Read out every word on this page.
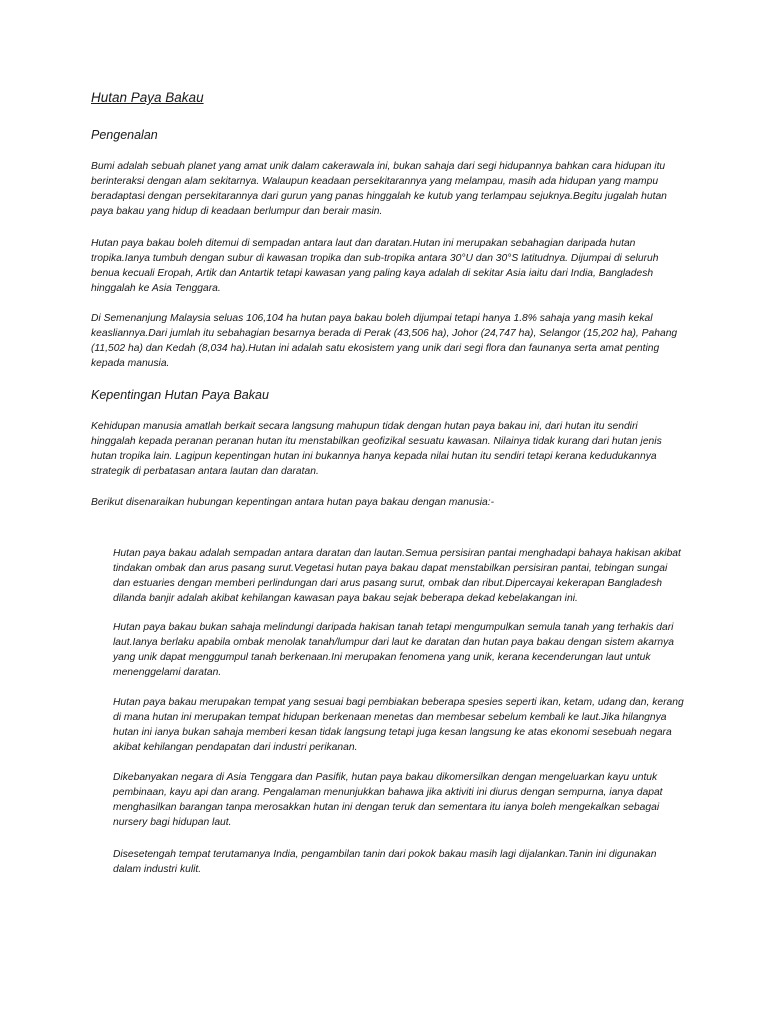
Hutan Paya Bakau
Pengenalan

Bumi adalah sebuah planet yang amat unik dalam cakerawala ini, bukan sahaja dari segi hidupannya bahkan cara hidupan itu berinteraksi dengan alam sekitarnya. Walaupun keadaan persekitarannya yang melampau, masih ada hidupan yang mampu beradaptasi dengan persekitarannya dari gurun yang panas hinggalah ke kutub yang terlampau sejuknya.Begitu jugalah hutan paya bakau yang hidup di keadaan berlumpur dan berair masin.

Hutan paya bakau boleh ditemui di sempadan antara laut dan daratan.Hutan ini merupakan sebahagian daripada hutan tropika.Ianya tumbuh dengan subur di kawasan tropika dan sub-tropika antara 30°U dan 30°S latitudnya. Dijumpai di seluruh benua kecuali Eropah, Artik dan Antartik tetapi kawasan yang paling kaya adalah di sekitar Asia iaitu dari India, Bangladesh hinggalah ke Asia Tenggara.

Di Semenanjung Malaysia seluas 106,104 ha hutan paya bakau boleh dijumpai tetapi hanya 1.8% sahaja yang masih kekal keasliannya.Dari jumlah itu sebahagian besarnya berada di Perak (43,506 ha), Johor (24,747 ha), Selangor (15,202 ha), Pahang (11,502 ha) dan Kedah (8,034 ha).Hutan ini adalah satu ekosistem yang unik dari segi flora dan faunanya serta amat penting kepada manusia.

Kepentingan Hutan Paya Bakau

Kehidupan manusia amatlah berkait secara langsung mahupun tidak dengan hutan paya bakau ini, dari hutan itu sendiri hinggalah kepada peranan peranan hutan itu menstabilkan geofizikal sesuatu kawasan. Nilainya tidak kurang dari hutan jenis hutan tropika lain. Lagipun kepentingan hutan ini bukannya hanya kepada nilai hutan itu sendiri tetapi kerana kedudukannya strategik di perbatasan antara lautan dan daratan.

Berikut disenaraikan hubungan kepentingan antara hutan paya bakau dengan manusia:-

Hutan paya bakau adalah sempadan antara daratan dan lautan.Semua persisiran pantai menghadapi bahaya hakisan akibat tindakan ombak dan arus pasang surut.Vegetasi hutan paya bakau dapat menstabilkan persisiran pantai, tebingan sungai dan estuaries dengan memberi perlindungan dari arus pasang surut, ombak dan ribut.Dipercayai kekerapan Bangladesh dilanda banjir adalah akibat kehilangan kawasan paya bakau sejak beberapa dekad kebelakangan ini.

Hutan paya bakau bukan sahaja melindungi daripada hakisan tanah tetapi mengumpulkan semula tanah yang terhakis dari laut.Ianya berlaku apabila ombak menolak tanah/lumpur dari laut ke daratan dan hutan paya bakau dengan sistem akarnya yang unik dapat menggumpul tanah berkenaan.Ini merupakan fenomena yang unik, kerana kecenderungan laut untuk menenggelami daratan.

Hutan paya bakau merupakan tempat yang sesuai bagi pembiakan beberapa spesies seperti ikan, ketam, udang dan, kerang di mana hutan ini merupakan tempat hidupan berkenaan menetas dan membesar sebelum kembali ke laut.Jika hilangnya hutan ini ianya bukan sahaja memberi kesan tidak langsung tetapi juga kesan langsung ke atas ekonomi sesebuah negara akibat kehilangan pendapatan dari industri perikanan.

Dikebanyakan negara di Asia Tenggara dan Pasifik, hutan paya bakau dikomersilkan dengan mengeluarkan kayu untuk pembinaan, kayu api dan arang. Pengalaman menunjukkan bahawa jika aktiviti ini diurus dengan sempurna, ianya dapat menghasilkan barangan tanpa merosakkan hutan ini dengan teruk dan sementara itu ianya boleh mengekalkan sebagai nursery bagi hidupan laut.

Disesetengah tempat terutamanya India, pengambilan tanin dari pokok bakau masih lagi dijalankan.Tanin ini digunakan dalam industri kulit.
